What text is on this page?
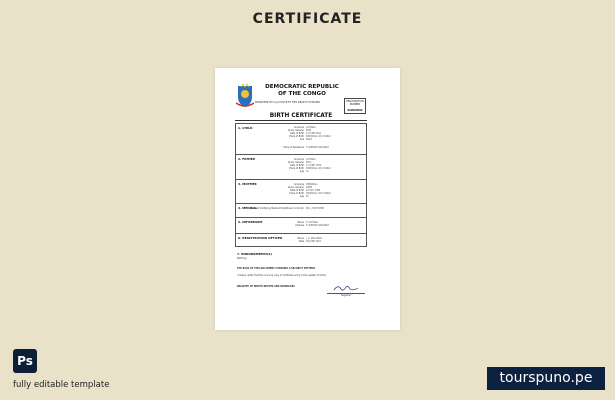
CERTIFICATE
DEMOCRATIC REPUBLIC
OF THE CONGO
MINISTÈRE DE LA JUSTICE ET DES DROITS HUMAINS	REGISTRATION
NUMBER
000000000
BIRTH CERTIFICATE
1. CHILD	Surname LOTINGA
Given name(s) JEAN
Date of Birth 21 JUNE 2010
Place of Birth KINSHASA, RD CONGO
Sex MALE
Place of Residence 5 AVENUE KABASELE
2. FATHER	Surname LOTINGA
Given name(s) PAUL
Date of Birth 17 JUNE 1978
Place of Birth KINSHASA, RD CONGO
Age 32
3. MOTHER	Surname MOBANGA
Given name(s) ANNE
Date of Birth 22 MAY 1985
Place of Birth KINSHASA, RD CONGO
Age 25
4. MEDICAL
Name of Certifying Medical Practitioner or Doctor DR. J. MUTOMBO
5. INFORMANT	Name P. LOTINGA
Address 5 AVENUE KABASELE
6. REGISTRATION OFFICER	Name J. K. MALANGO
Date 28 JUNE 2010
7. ENDORSEMENT(S)
Nothing
THE BACK OF THIS DOCUMENT CONTAINS A SECURITY PATTERN
I hereby certify that this is a true copy of certificate entry in the register of births
REGISTRY OF BIRTHS DEATHS AND MARRIAGES
Registrar
Ps
fully editable template	tourspuno.pe
